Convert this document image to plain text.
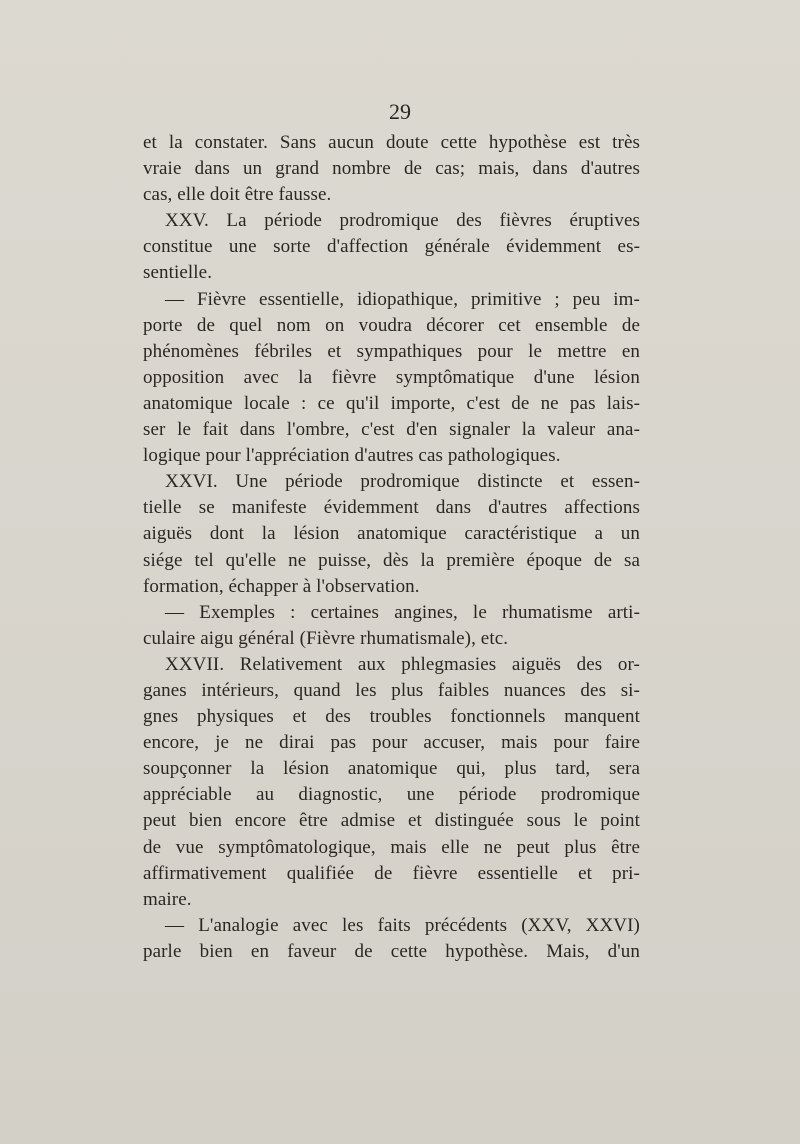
29
et la constater. Sans aucun doute cette hypothèse est très
vraie dans un grand nombre de cas; mais, dans d'autres
cas, elle doit être fausse.
XXV. La période prodromique des fièvres éruptives
constitue une sorte d'affection générale évidemment es-
sentielle.
— Fièvre essentielle, idiopathique, primitive ; peu im-
porte de quel nom on voudra décorer cet ensemble de
phénomènes fébriles et sympathiques pour le mettre en
opposition avec la fièvre symptômatique d'une lésion
anatomique locale : ce qu'il importe, c'est de ne pas lais-
ser le fait dans l'ombre, c'est d'en signaler la valeur ana-
logique pour l'appréciation d'autres cas pathologiques.
XXVI. Une période prodromique distincte et essen-
tielle se manifeste évidemment dans d'autres affections
aiguës dont la lésion anatomique caractéristique a un
siége tel qu'elle ne puisse, dès la première époque de sa
formation, échapper à l'observation.
— Exemples : certaines angines, le rhumatisme arti-
culaire aigu général (Fièvre rhumatismale), etc.
XXVII. Relativement aux phlegmasies aiguës des or-
ganes intérieurs, quand les plus faibles nuances des si-
gnes physiques et des troubles fonctionnels manquent
encore, je ne dirai pas pour accuser, mais pour faire
soupçonner la lésion anatomique qui, plus tard, sera
appréciable au diagnostic, une période prodromique
peut bien encore être admise et distinguée sous le point
de vue symptômatologique, mais elle ne peut plus être
affirmativement qualifiée de fièvre essentielle et pri-
maire.
— L'analogie avec les faits précédents (XXV, XXVI)
parle bien en faveur de cette hypothèse. Mais, d'un
